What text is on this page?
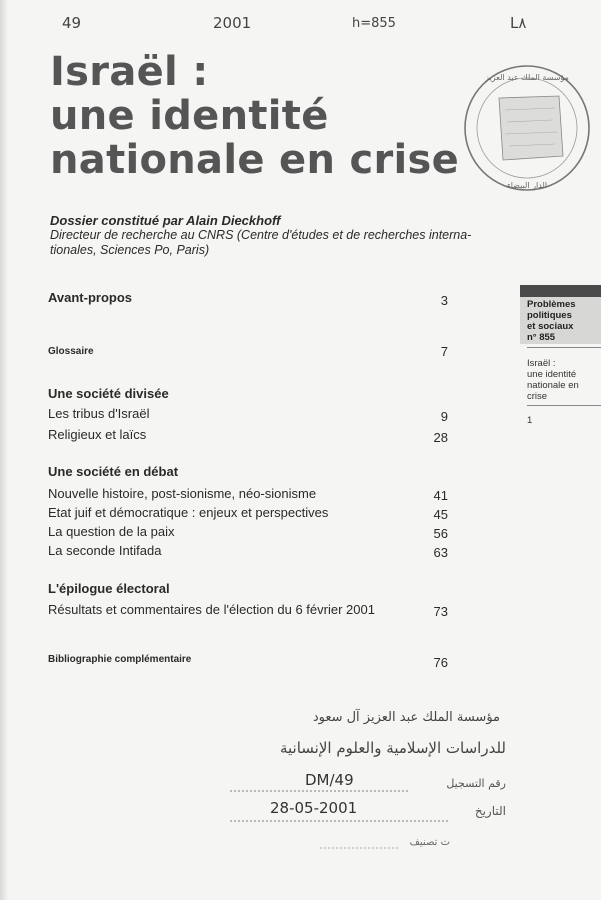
49	2001	h=855	L۸
Israël :
une identité
nationale en crise
مؤسسة الملك عبد العزيز
الدار البيضاء
Dossier constitué par Alain Dieckhoff
Directeur de recherche au CNRS (Centre d'études et de recherches interna-
tionales, Sciences Po, Paris)
Avant-propos	3
Glossaire	7
Une société divisée
Les tribus d'Israël	9
Religieux et laïcs	28
Une société en débat
Nouvelle histoire, post-sionisme, néo-sionisme	41
Etat juif et démocratique : enjeux et perspectives	45
La question de la paix	56
La seconde Intifada	63
L'épilogue électoral
Résultats et commentaires de l'élection du 6 février 2001	73
Bibliographie complémentaire	76
Problèmes
politiques
et sociaux
n° 855
Israël :
une identité
nationale en crise
1
مؤسسة الملك عبد العزيز آل سعود
للدراسات الإسلامية والعلوم الإنسانية
رقم التسجيل
DM/49
التاريخ
28-05-2001
ت تصنيف
